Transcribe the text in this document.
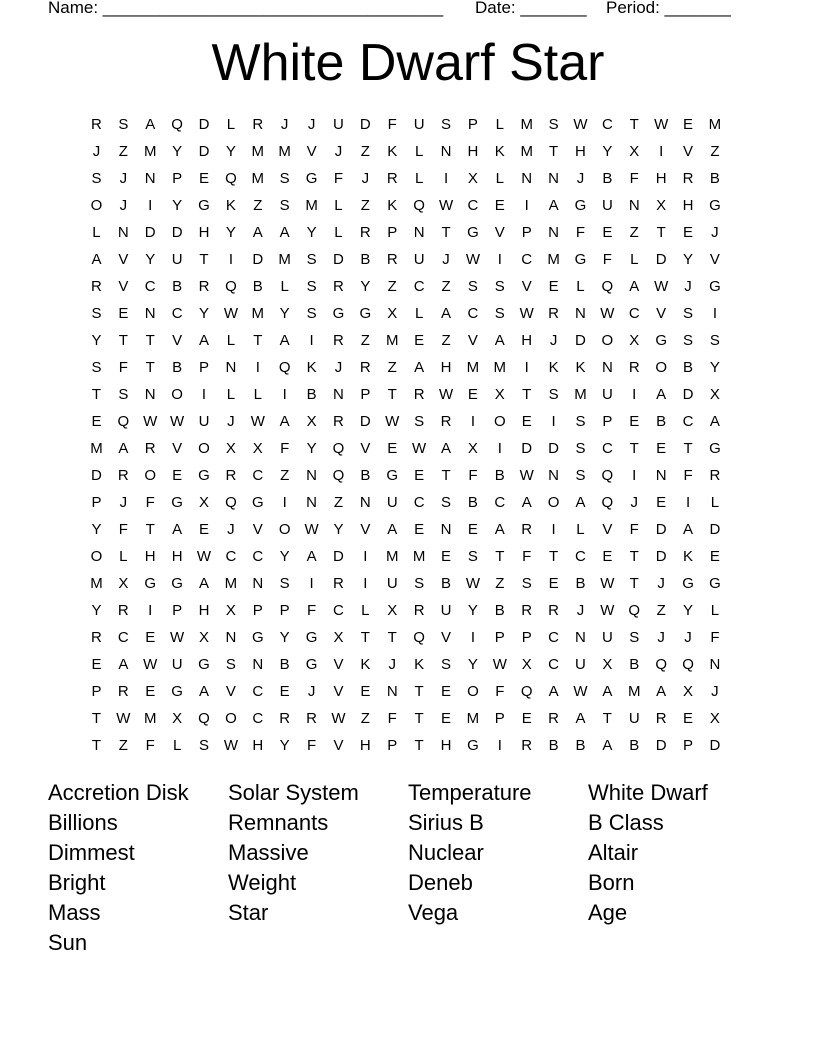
Name: ____________________________________ Date: _______ Period: _______
White Dwarf Star
R	S	A	Q	D	L	R	J	J	U	D	F	U	S	P	L	M	S W C	T	W E	M
J	Z	M	Y	D	Y	M M	V	J	Z	K	L	N	H	K	M	T	H	Y	X	I	V	Z
S	J	N	P	E	Q M	S	G	F	J	R	L	I	X	L	N	N	J	B	F	H	R	B
O	J	I	Y	G	K	Z	S	M	L	Z	K	Q W C	E	I	A	G	U	N	X	H	G
L	N	D	D	H	Y	A	A	Y	L	R	P	N	T	G	V	P	N	F	E	Z	T	E	J
A	V	Y	U	T	I	D	M	S	D	B	R	U	J	W	I	C	M G	F	L	D	Y	V
R	V	C	B	R	Q	B	L	S	R	Y	Z	C	Z	S	S	V	E	L	Q	A W	J	G
S	E	N	C	Y W M	Y	S	G	G	X	L	A	C	S W R	N W C	V	S	I
Y	T	T	V	A	L	T	A	I	R	Z	M	E	Z	V	A	H	J	D	O	X	G	S	S
S	F	T	B	P	N	I	Q	K	J	R	Z	A	H	M M	I	K	K	N	R	O	B	Y
T	S	N	O	I	L	L	I	B	N	P	T	R W E	X	T	S	M	U	I	A	D	X
E	Q W W U	J	W A	X	R	D W S	R	I	O	E	I	S	P	E	B	C	A
M	A	R	V	O	X	X	F	Y	Q	V	E W A	X	I	D	D	S	C	T	E	T	G
D	R	O	E	G	R	C	Z	N	Q	B	G	E	T	F	B W N	S	Q	I	N	F	R
P	J	F	G	X	Q	G	I	N	Z	N	U	C	S	B	C	A	O	A	Q	J	E	I	L
Y	F	T	A	E	J	V	O W Y	V	A	E	N	E	A	R	I	L	V	F	D	A	D
O	L	H	H W C	C	Y	A	D	I	M M	E	S	T	F	T	C	E	T	D	K	E
M	X	G	G	A	M	N	S	I	R	I	U	S	B W	Z	S	E	B W	T	J	G	G
Y	R	I	P	H	X	P	P	F	C	L	X	R	U	Y	B	R	R	J	W Q	Z	Y	L
R	C	E W X	N	G	Y	G	X	T	T	Q	V	I	P	P	C	N	U	S	J	J	F
E	A W U	G	S	N	B	G	V	K	J	K	S	Y W X	C	U	X	B	Q	Q	N
P	R	E	G	A	V	C	E	J	V	E	N	T	E	O	F	Q	A W A	M	A	X	J
T	W M	X	Q	O	C	R	R W	Z	F	T	E	M	P	E	R	A	T	U	R	E	X
T	Z	F	L	S W H	Y	F	V	H	P	T	H	G	I	R	B	B	A	B	D	P	D
Accretion Disk	Solar System	Temperature	White Dwarf
Billions	Remnants	Sirius B	B Class
Dimmest	Massive	Nuclear	Altair
Bright	Weight	Deneb	Born
Mass	Star	Vega	Age
Sun
